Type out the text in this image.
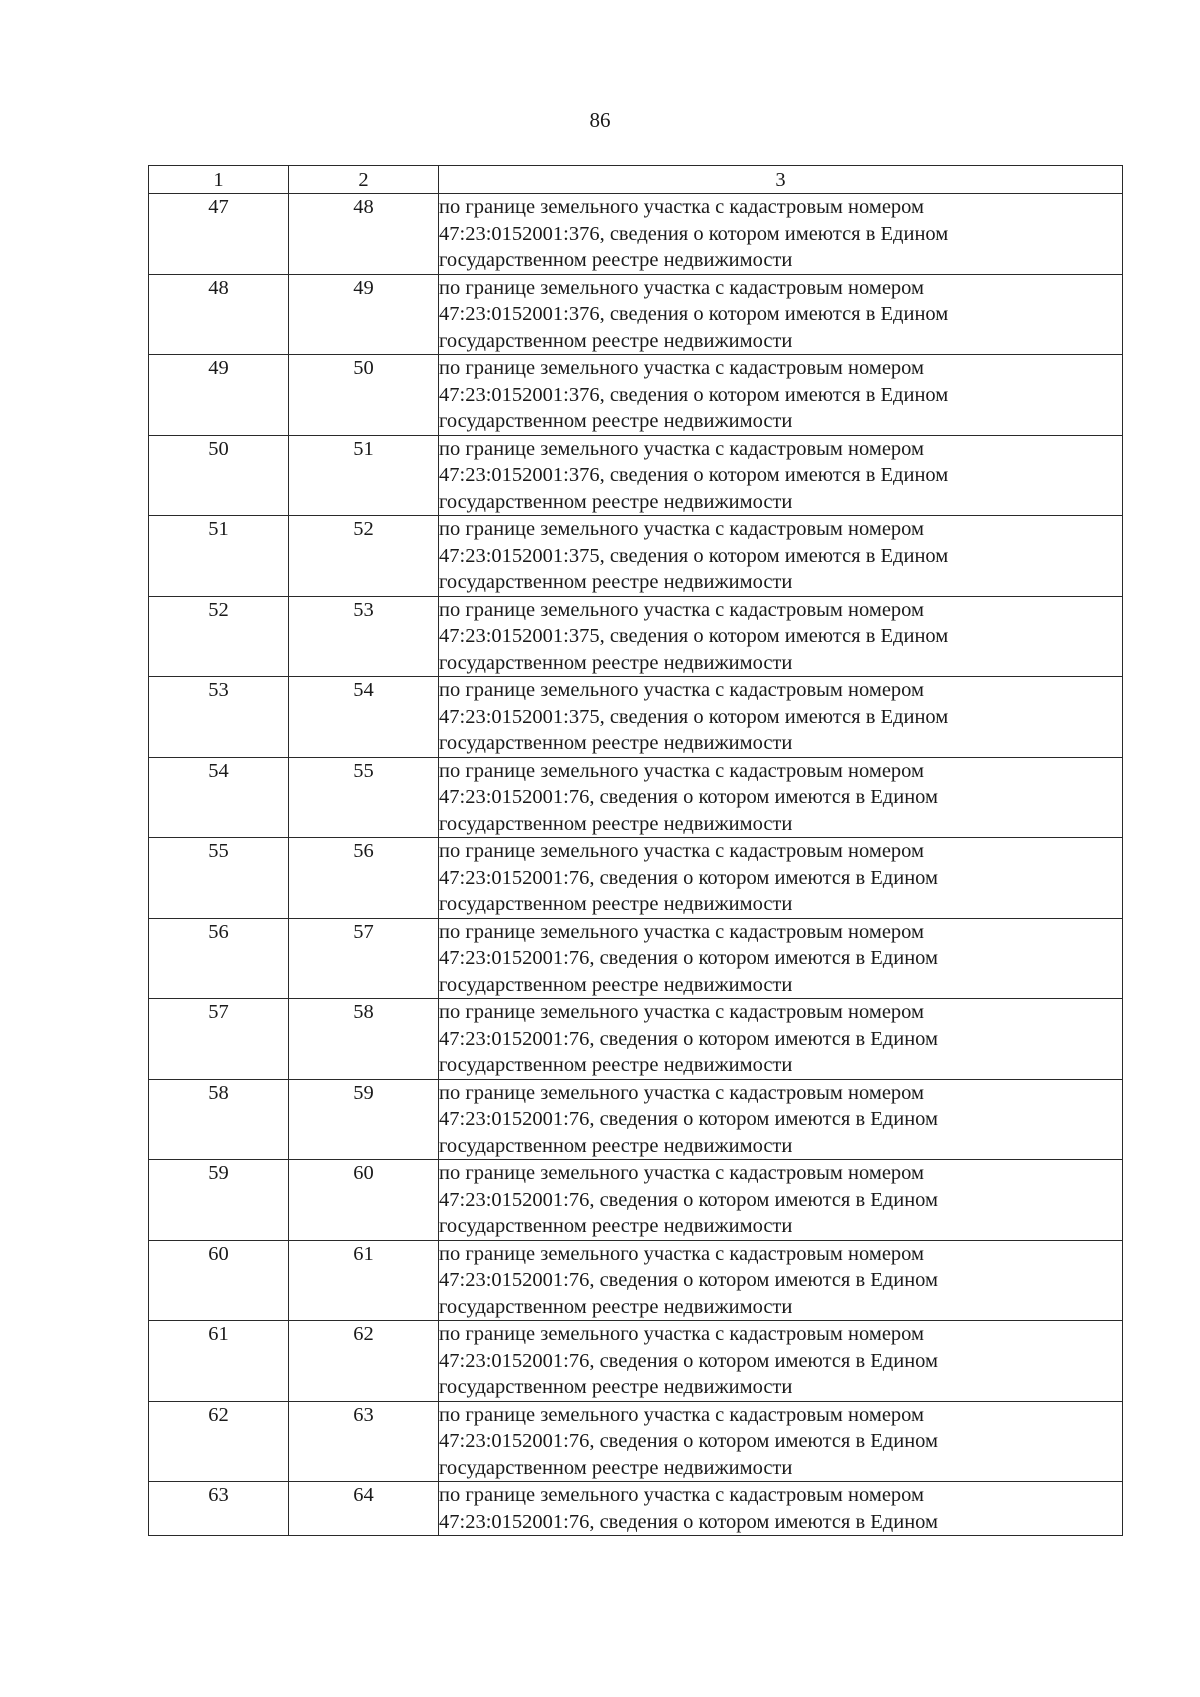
86
1	2	3
47	48	по границе земельного участка с кадастровым номером
47:23:0152001:376, сведения о котором имеются в Едином
государственном реестре недвижимости

48	49	по границе земельного участка с кадастровым номером
47:23:0152001:376, сведения о котором имеются в Едином
государственном реестре недвижимости

49	50	по границе земельного участка с кадастровым номером
47:23:0152001:376, сведения о котором имеются в Едином
государственном реестре недвижимости

50	51	по границе земельного участка с кадастровым номером
47:23:0152001:376, сведения о котором имеются в Едином
государственном реестре недвижимости

51	52	по границе земельного участка с кадастровым номером
47:23:0152001:375, сведения о котором имеются в Едином
государственном реестре недвижимости

52	53	по границе земельного участка с кадастровым номером
47:23:0152001:375, сведения о котором имеются в Едином
государственном реестре недвижимости

53	54	по границе земельного участка с кадастровым номером
47:23:0152001:375, сведения о котором имеются в Едином
государственном реестре недвижимости

54	55	по границе земельного участка с кадастровым номером
47:23:0152001:76, сведения о котором имеются в Едином
государственном реестре недвижимости

55	56	по границе земельного участка с кадастровым номером
47:23:0152001:76, сведения о котором имеются в Едином
государственном реестре недвижимости

56	57	по границе земельного участка с кадастровым номером
47:23:0152001:76, сведения о котором имеются в Едином
государственном реестре недвижимости

57	58	по границе земельного участка с кадастровым номером
47:23:0152001:76, сведения о котором имеются в Едином
государственном реестре недвижимости

58	59	по границе земельного участка с кадастровым номером
47:23:0152001:76, сведения о котором имеются в Едином
государственном реестре недвижимости

59	60	по границе земельного участка с кадастровым номером
47:23:0152001:76, сведения о котором имеются в Едином
государственном реестре недвижимости

60	61	по границе земельного участка с кадастровым номером
47:23:0152001:76, сведения о котором имеются в Едином
государственном реестре недвижимости

61	62	по границе земельного участка с кадастровым номером
47:23:0152001:76, сведения о котором имеются в Едином
государственном реестре недвижимости

62	63	по границе земельного участка с кадастровым номером
47:23:0152001:76, сведения о котором имеются в Едином
государственном реестре недвижимости

63	64	по границе земельного участка с кадастровым номером
47:23:0152001:76, сведения о котором имеются в Едином
